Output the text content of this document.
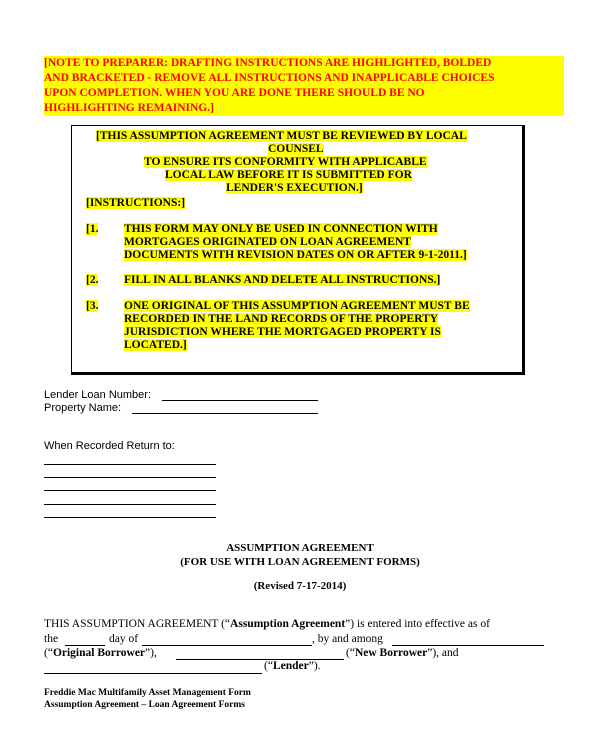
[NOTE TO PREPARER: DRAFTING INSTRUCTIONS ARE HIGHLIGHTED, BOLDED
AND BRACKETED - REMOVE ALL INSTRUCTIONS AND INAPPLICABLE CHOICES
UPON COMPLETION. WHEN YOU ARE DONE THERE SHOULD BE NO
HIGHLIGHTING REMAINING.]
[THIS ASSUMPTION AGREEMENT MUST BE REVIEWED BY LOCAL
COUNSEL
TO ENSURE ITS CONFORMITY WITH APPLICABLE
LOCAL LAW BEFORE IT IS SUBMITTED FOR
LENDER'S EXECUTION.]
[INSTRUCTIONS:]
[1. THIS FORM MAY ONLY BE USED IN CONNECTION WITH
MORTGAGES ORIGINATED ON LOAN AGREEMENT
DOCUMENTS WITH REVISION DATES ON OR AFTER 9-1-2011.]
[2. FILL IN ALL BLANKS AND DELETE ALL INSTRUCTIONS.]
[3. ONE ORIGINAL OF THIS ASSUMPTION AGREEMENT MUST BE
RECORDED IN THE LAND RECORDS OF THE PROPERTY
JURISDICTION WHERE THE MORTGAGED PROPERTY IS
LOCATED.]
Lender Loan Number:
Property Name:
When Recorded Return to:
ASSUMPTION AGREEMENT
(FOR USE WITH LOAN AGREEMENT FORMS)
(Revised 7-17-2014)
THIS ASSUMPTION AGREEMENT (“Assumption Agreement”) is entered into effective as of
the	day of	, by and among
(“Original Borrower”),	(“New Borrower”), and
(“Lender”).
Freddie Mac Multifamily Asset Management Form
Assumption Agreement – Loan Agreement Forms
